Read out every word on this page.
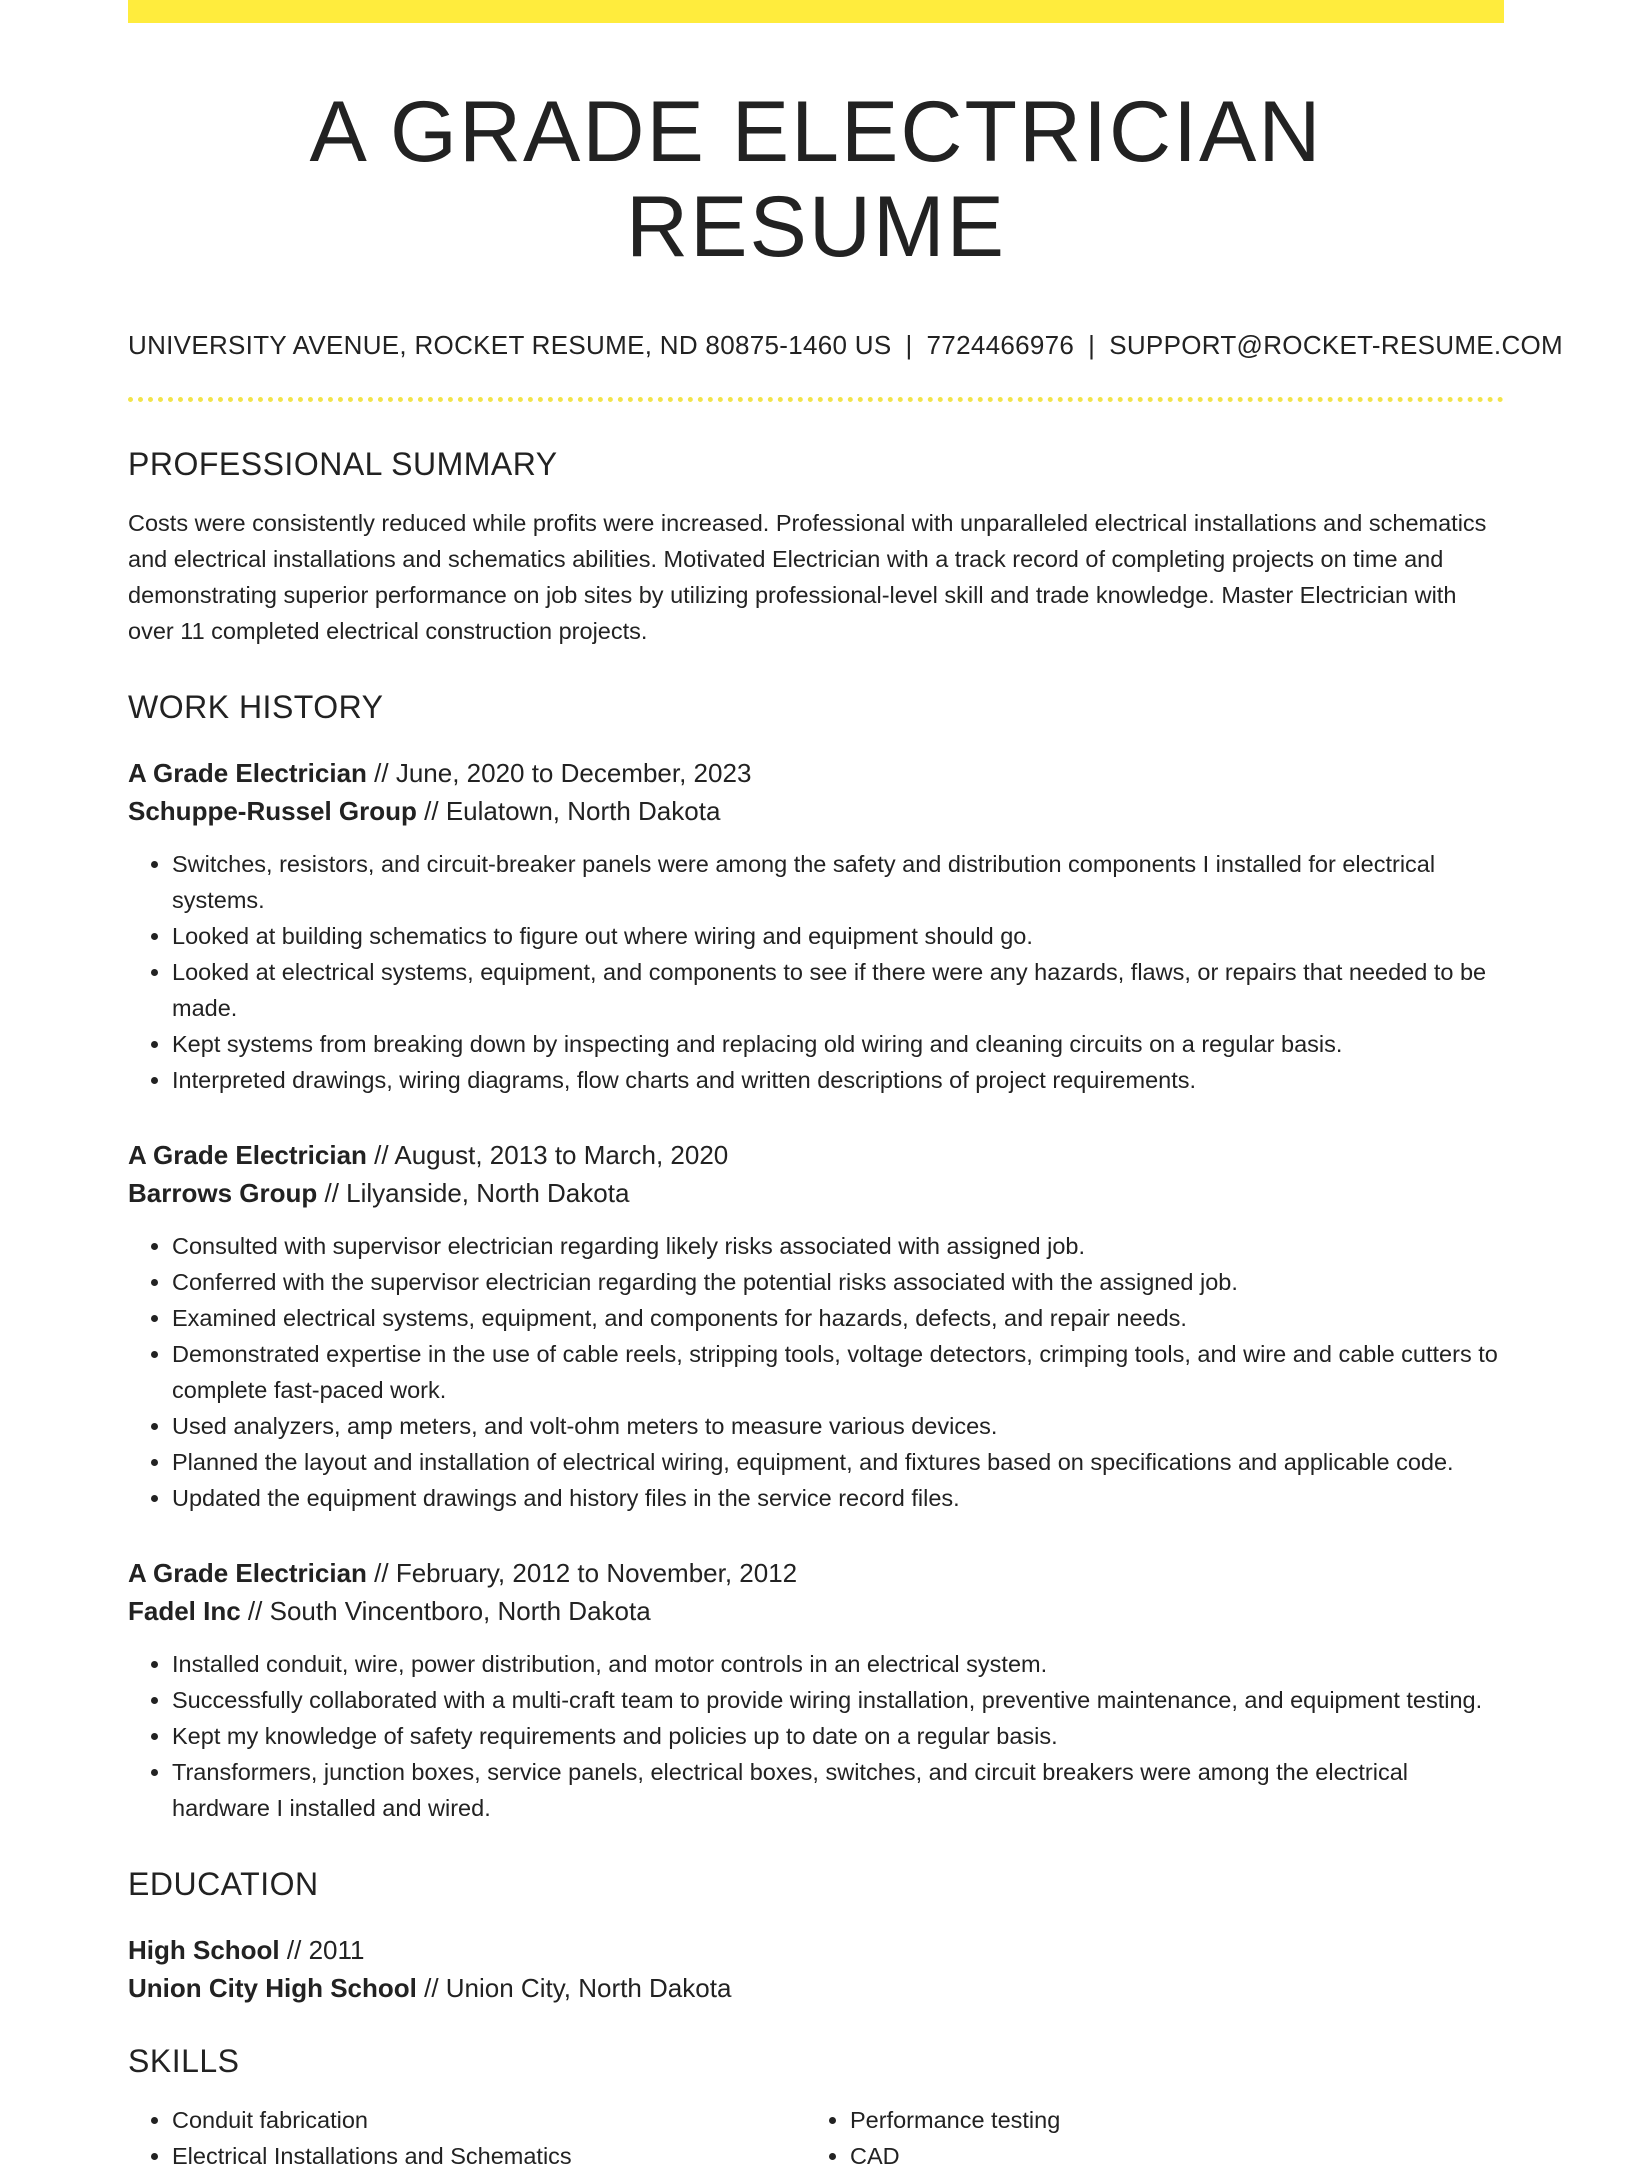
A GRADE ELECTRICIAN RESUME
UNIVERSITY AVENUE, ROCKET RESUME, ND 80875-1460 US | 7724466976 | SUPPORT@ROCKET-RESUME.COM
PROFESSIONAL SUMMARY
Costs were consistently reduced while profits were increased. Professional with unparalleled electrical installations and schematics and electrical installations and schematics abilities. Motivated Electrician with a track record of completing projects on time and demonstrating superior performance on job sites by utilizing professional-level skill and trade knowledge. Master Electrician with over 11 completed electrical construction projects.
WORK HISTORY
A Grade Electrician // June, 2020 to December, 2023
Schuppe-Russel Group // Eulatown, North Dakota
• Switches, resistors, and circuit-breaker panels were among the safety and distribution components I installed for electrical systems.
• Looked at building schematics to figure out where wiring and equipment should go.
• Looked at electrical systems, equipment, and components to see if there were any hazards, flaws, or repairs that needed to be made.
• Kept systems from breaking down by inspecting and replacing old wiring and cleaning circuits on a regular basis.
• Interpreted drawings, wiring diagrams, flow charts and written descriptions of project requirements.
A Grade Electrician // August, 2013 to March, 2020
Barrows Group // Lilyanside, North Dakota
• Consulted with supervisor electrician regarding likely risks associated with assigned job.
• Conferred with the supervisor electrician regarding the potential risks associated with the assigned job.
• Examined electrical systems, equipment, and components for hazards, defects, and repair needs.
• Demonstrated expertise in the use of cable reels, stripping tools, voltage detectors, crimping tools, and wire and cable cutters to complete fast-paced work.
• Used analyzers, amp meters, and volt-ohm meters to measure various devices.
• Planned the layout and installation of electrical wiring, equipment, and fixtures based on specifications and applicable code.
• Updated the equipment drawings and history files in the service record files.
A Grade Electrician // February, 2012 to November, 2012
Fadel Inc // South Vincentboro, North Dakota
• Installed conduit, wire, power distribution, and motor controls in an electrical system.
• Successfully collaborated with a multi-craft team to provide wiring installation, preventive maintenance, and equipment testing.
• Kept my knowledge of safety requirements and policies up to date on a regular basis.
• Transformers, junction boxes, service panels, electrical boxes, switches, and circuit breakers were among the electrical hardware I installed and wired.
EDUCATION
High School // 2011
Union City High School // Union City, North Dakota
SKILLS
• Conduit fabrication
• Electrical Installations and Schematics
• Performance testing
• CAD
